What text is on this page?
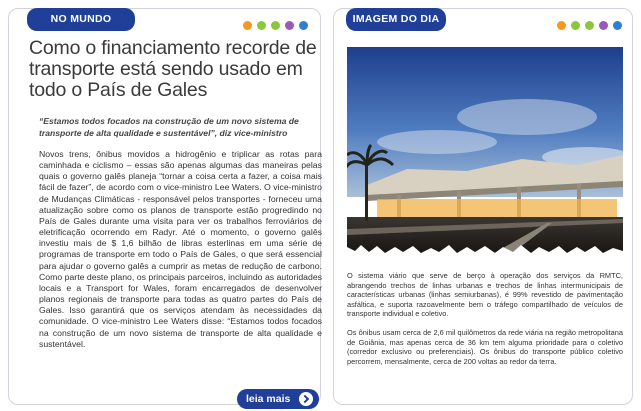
NO MUNDO
Como o financiamento recorde de transporte está sendo usado em todo o País de Gales

“Estamos todos focados na construção de um novo sistema de transporte de alta qualidade e sustentável”, diz vice-ministro

Novos trens, ônibus movidos a hidrogênio e triplicar as rotas para caminhada e ciclismo – essas são apenas algumas das maneiras pelas quais o governo galês planeja “tornar a coisa certa a fazer, a coisa mais fácil de fazer”, de acordo com o vice-ministro Lee Waters. O vice-ministro de Mudanças Climáticas - responsável pelos transportes - forneceu uma atualização sobre como os planos de transporte estão progredindo no País de Gales durante uma visita para ver os trabalhos ferroviários de eletrificação ocorrendo em Radyr. Até o momento, o governo galês investiu mais de $ 1,6 bilhão de libras esterlinas em uma série de programas de transporte em todo o País de Gales, o que será essencial para ajudar o governo galês a cumprir as metas de redução de carbono. Como parte deste plano, os principais parceiros, incluindo as autoridades locais e a Transport for Wales, foram encarregados de desenvolver planos regionais de transporte para todas as quatro partes do País de Gales. Isso garantirá que os serviços atendam às necessidades da comunidade. O vice-ministro Lee Waters disse: “Estamos todos focados na construção de um novo sistema de transporte de alta qualidade e sustentável.

leia mais
IMAGEM DO DIA

O sistema viário que serve de berço à operação dos serviços da RMTC, abrangendo trechos de linhas urbanas e trechos de linhas intermunicipais de características urbanas (linhas semiurbanas), é 99% revestido de pavimentação asfáltica, e suporta razoavelmente bem o tráfego compartilhado de veículos de transporte individual e coletivo.

Os ônibus usam cerca de 2,6 mil quilômetros da rede viária na região metropolitana de Goiânia, mas apenas cerca de 36 km tem alguma prioridade para o coletivo (corredor exclusivo ou preferenciais). Os ônibus do transporte público coletivo percorrem, mensalmente, cerca de 200 voltas ao redor da terra.
